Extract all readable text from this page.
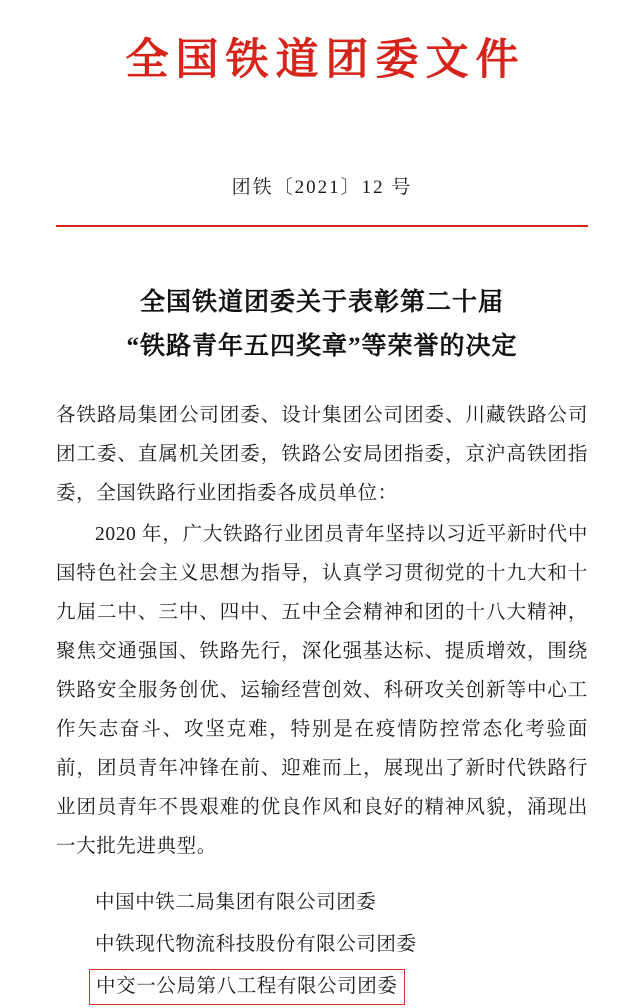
全国铁道团委文件
团铁〔2021〕12 号
全国铁道团委关于表彰第二十届
“铁路青年五四奖章”等荣誉的决定

各铁路局集团公司团委、设计集团公司团委、川藏铁路公司团工委、直属机关团委，铁路公安局团指委，京沪高铁团指委，全国铁路行业团指委各成员单位：

2020 年，广大铁路行业团员青年坚持以习近平新时代中国特色社会主义思想为指导，认真学习贯彻党的十九大和十九届二中、三中、四中、五中全会精神和团的十八大精神，聚焦交通强国、铁路先行，深化强基达标、提质增效，围绕铁路安全服务创优、运输经营创效、科研攻关创新等中心工作矢志奋斗、攻坚克难，特别是在疫情防控常态化考验面前，团员青年冲锋在前、迎难而上，展现出了新时代铁路行业团员青年不畏艰难的优良作风和良好的精神风貌，涌现出一大批先进典型。

中国中铁二局集团有限公司团委
中铁现代物流科技股份有限公司团委
中交一公局第八工程有限公司团委
